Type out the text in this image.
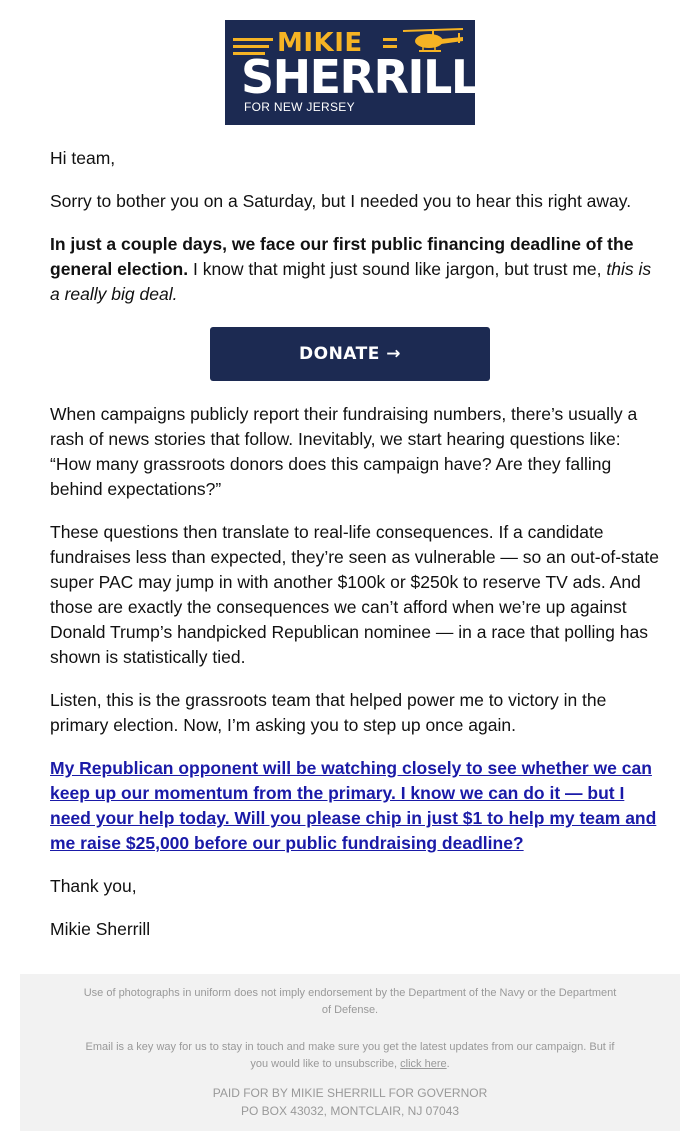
MIKIE
SHERRILL
FOR NEW JERSEY

Hi team,

Sorry to bother you on a Saturday, but I needed you to hear this right away.

In just a couple days, we face our first public financing deadline of the general election. I know that might just sound like jargon, but trust me, this is a really big deal.

DONATE →

When campaigns publicly report their fundraising numbers, there’s usually a rash of news stories that follow. Inevitably, we start hearing questions like: “How many grassroots donors does this campaign have? Are they falling behind expectations?”

These questions then translate to real-life consequences. If a candidate fundraises less than expected, they’re seen as vulnerable — so an out-of-state super PAC may jump in with another $100k or $250k to reserve TV ads. And those are exactly the consequences we can’t afford when we’re up against Donald Trump’s handpicked Republican nominee — in a race that polling has shown is statistically tied.

Listen, this is the grassroots team that helped power me to victory in the primary election. Now, I’m asking you to step up once again.

My Republican opponent will be watching closely to see whether we can keep up our momentum from the primary. I know we can do it — but I need your help today. Will you please chip in just $1 to help my team and me raise $25,000 before our public fundraising deadline?

Thank you,

Mikie Sherrill

Use of photographs in uniform does not imply endorsement by the Department of the Navy or the Department of Defense.
Email is a key way for us to stay in touch and make sure you get the latest updates from our campaign. But if you would like to unsubscribe, click here.
PAID FOR BY MIKIE SHERRILL FOR GOVERNOR
PO BOX 43032, MONTCLAIR, NJ 07043
